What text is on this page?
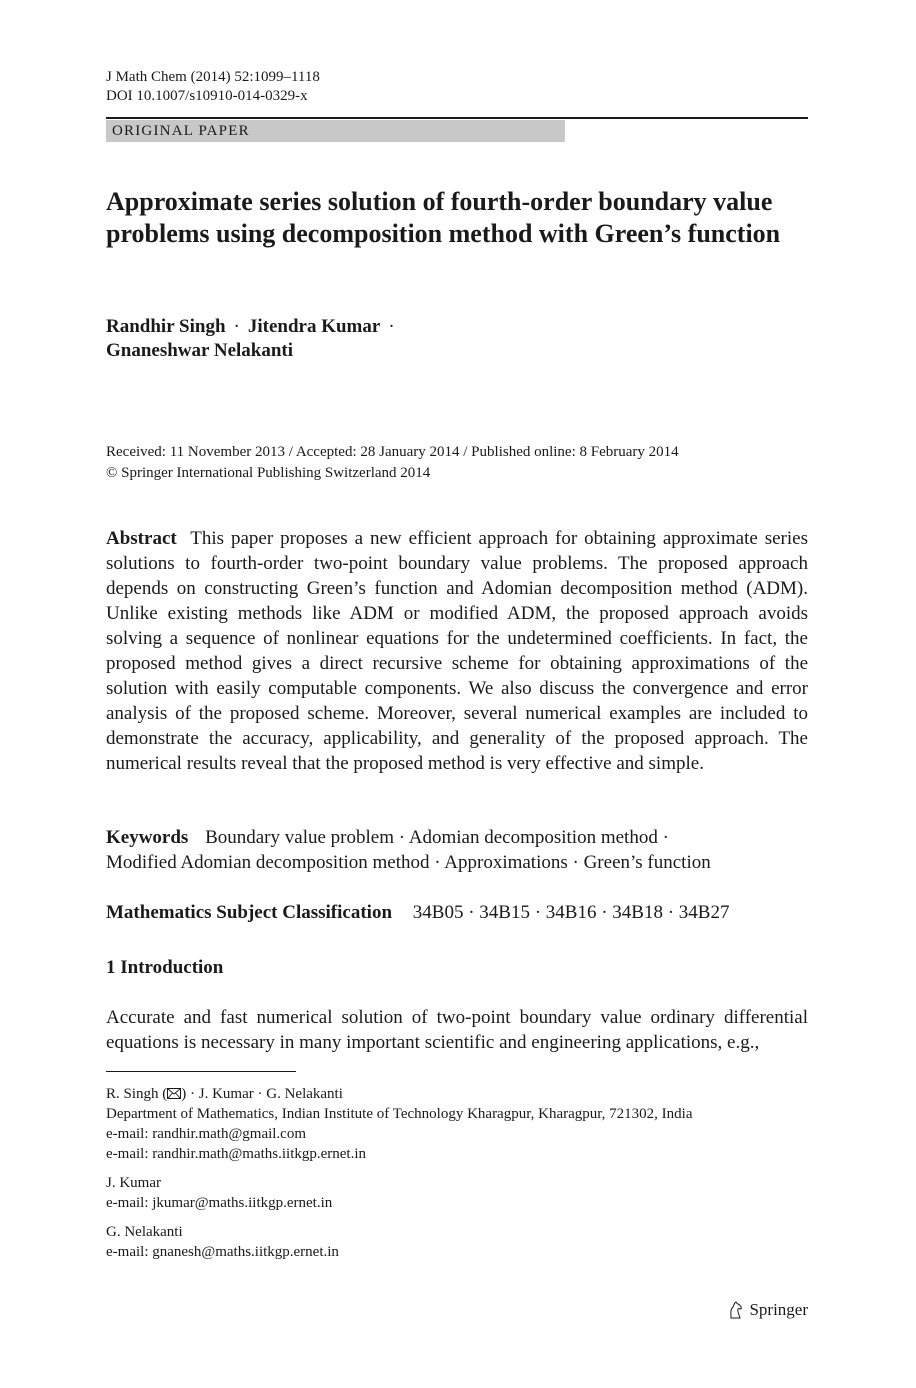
J Math Chem (2014) 52:1099–1118
DOI 10.1007/s10910-014-0329-x
ORIGINAL PAPER
Approximate series solution of fourth-order boundary value problems using decomposition method with Green’s function
Randhir Singh · Jitendra Kumar ·
Gnaneshwar Nelakanti
Received: 11 November 2013 / Accepted: 28 January 2014 / Published online: 8 February 2014
© Springer International Publishing Switzerland 2014
Abstract This paper proposes a new efficient approach for obtaining approximate series solutions to fourth-order two-point boundary value problems. The proposed approach depends on constructing Green’s function and Adomian decomposition method (ADM). Unlike existing methods like ADM or modified ADM, the proposed approach avoids solving a sequence of nonlinear equations for the undetermined coefficients. In fact, the proposed method gives a direct recursive scheme for obtaining approximations of the solution with easily computable components. We also discuss the convergence and error analysis of the proposed scheme. Moreover, several numerical examples are included to demonstrate the accuracy, applicability, and generality of the proposed approach. The numerical results reveal that the proposed method is very effective and simple.
Keywords Boundary value problem · Adomian decomposition method ·
Modified Adomian decomposition method · Approximations · Green’s function
Mathematics Subject Classification 34B05 · 34B15 · 34B16 · 34B18 · 34B27
1 Introduction
Accurate and fast numerical solution of two-point boundary value ordinary differential equations is necessary in many important scientific and engineering applications, e.g.,
R. Singh ( ) · J. Kumar · G. Nelakanti
Department of Mathematics, Indian Institute of Technology Kharagpur, Kharagpur, 721302, India
e-mail: randhir.math@gmail.com
e-mail: randhir.math@maths.iitkgp.ernet.in
J. Kumar
e-mail: jkumar@maths.iitkgp.ernet.in
G. Nelakanti
e-mail: gnanesh@maths.iitkgp.ernet.in
Springer
